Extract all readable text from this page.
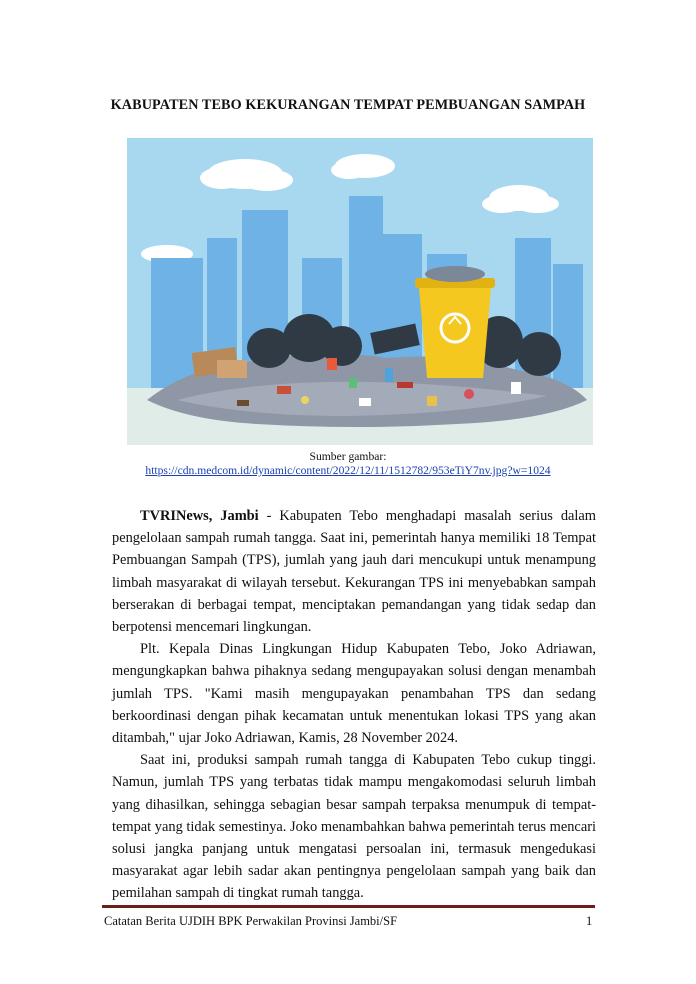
KABUPATEN TEBO KEKURANGAN TEMPAT PEMBUANGAN SAMPAH
Sumber gambar:
https://cdn.medcom.id/dynamic/content/2022/12/11/1512782/953eTiY7nv.jpg?w=1024

TVRINews, Jambi - Kabupaten Tebo menghadapi masalah serius dalam pengelolaan sampah rumah tangga. Saat ini, pemerintah hanya memiliki 18 Tempat Pembuangan Sampah (TPS), jumlah yang jauh dari mencukupi untuk menampung limbah masyarakat di wilayah tersebut. Kekurangan TPS ini menyebabkan sampah berserakan di berbagai tempat, menciptakan pemandangan yang tidak sedap dan berpotensi mencemari lingkungan.

Plt. Kepala Dinas Lingkungan Hidup Kabupaten Tebo, Joko Adriawan, mengungkapkan bahwa pihaknya sedang mengupayakan solusi dengan menambah jumlah TPS. "Kami masih mengupayakan penambahan TPS dan sedang berkoordinasi dengan pihak kecamatan untuk menentukan lokasi TPS yang akan ditambah," ujar Joko Adriawan, Kamis, 28 November 2024.

Saat ini, produksi sampah rumah tangga di Kabupaten Tebo cukup tinggi. Namun, jumlah TPS yang terbatas tidak mampu mengakomodasi seluruh limbah yang dihasilkan, sehingga sebagian besar sampah terpaksa menumpuk di tempat-tempat yang tidak semestinya. Joko menambahkan bahwa pemerintah terus mencari solusi jangka panjang untuk mengatasi persoalan ini, termasuk mengedukasi masyarakat agar lebih sadar akan pentingnya pengelolaan sampah yang baik dan pemilahan sampah di tingkat rumah tangga.

Catatan Berita UJDIH BPK Perwakilan Provinsi Jambi/SF	1
